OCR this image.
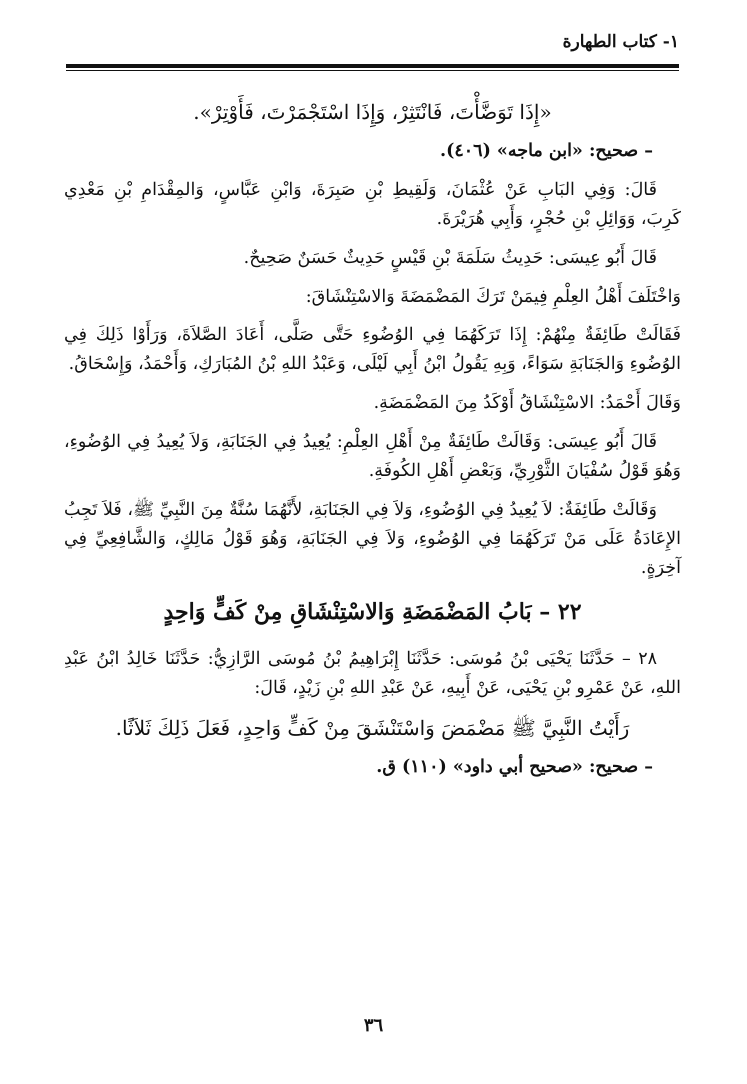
١- كتاب الطهارة

«إِذَا تَوَضَّأْتَ، فَانْتَثِرْ، وَإِذَا اسْتَجْمَرْتَ، فَأَوْتِرْ».

– صحيح: «ابن ماجه» (٤٠٦).

قَالَ: وَفِي البَابِ عَنْ عُثْمَانَ، وَلَقِيطِ بْنِ صَبِرَةَ، وَابْنِ عَبَّاسٍ، وَالمِقْدَامِ بْنِ مَعْدِي كَرِبَ، وَوَائِلِ بْنِ حُجْرٍ، وَأَبِي هُرَيْرَةَ.

قَالَ أَبُو عِيسَى: حَدِيثُ سَلَمَةَ بْنِ قَيْسٍ حَدِيثٌ حَسَنٌ صَحِيحٌ.

وَاخْتَلَفَ أَهْلُ العِلْمِ فِيمَنْ تَرَكَ المَضْمَضَةَ وَالاسْتِنْشَاقَ:

فَقَالَتْ طَائِفَةٌ مِنْهُمْ: إِذَا تَرَكَهُمَا فِي الوُضُوءِ حَتَّى صَلَّى، أَعَادَ الصَّلاَةَ، وَرَأَوْا ذَلِكَ فِي الوُضُوءِ وَالجَنَابَةِ سَوَاءً، وَبِهِ يَقُولُ ابْنُ أَبِي لَيْلَى، وَعَبْدُ اللهِ بْنُ المُبَارَكِ، وَأَحْمَدُ، وَإِسْحَاقُ.

وَقَالَ أَحْمَدُ: الاسْتِنْشَاقُ أَوْكَدُ مِنَ المَضْمَضَةِ.

قَالَ أَبُو عِيسَى: وَقَالَتْ طَائِفَةٌ مِنْ أَهْلِ العِلْمِ: يُعِيدُ فِي الجَنَابَةِ، وَلاَ يُعِيدُ فِي الوُضُوءِ، وَهُوَ قَوْلُ سُفْيَانَ الثَّوْرِيِّ، وَبَعْضِ أَهْلِ الكُوفَةِ.

وَقَالَتْ طَائِفَةٌ: لاَ يُعِيدُ فِي الوُضُوءِ، وَلاَ فِي الجَنَابَةِ، لأَنَّهُمَا سُنَّةٌ مِنَ النَّبِيِّ ﷺ، فَلاَ تَجِبُ الإِعَادَةُ عَلَى مَنْ تَرَكَهُمَا فِي الوُضُوءِ، وَلاَ فِي الجَنَابَةِ، وَهُوَ قَوْلُ مَالِكٍ، وَالشَّافِعِيِّ فِي آخِرَةٍ.

٢٢ – بَابُ المَضْمَضَةِ وَالاسْتِنْشَاقِ مِنْ كَفٍّ وَاحِدٍ

٢٨ – حَدَّثَنَا يَحْيَى بْنُ مُوسَى: حَدَّثَنَا إِبْرَاهِيمُ بْنُ مُوسَى الرَّازِيُّ: حَدَّثَنَا خَالِدُ ابْنُ عَبْدِ اللهِ، عَنْ عَمْرِو بْنِ يَحْيَى، عَنْ أَبِيهِ، عَنْ عَبْدِ اللهِ بْنِ زَيْدٍ، قَالَ:

رَأَيْتُ النَّبِيَّ ﷺ مَضْمَضَ وَاسْتَنْشَقَ مِنْ كَفٍّ وَاحِدٍ، فَعَلَ ذَلِكَ ثَلاَثًا.

– صحيح: «صحيح أبي داود» (١١٠) ق.

٣٦
